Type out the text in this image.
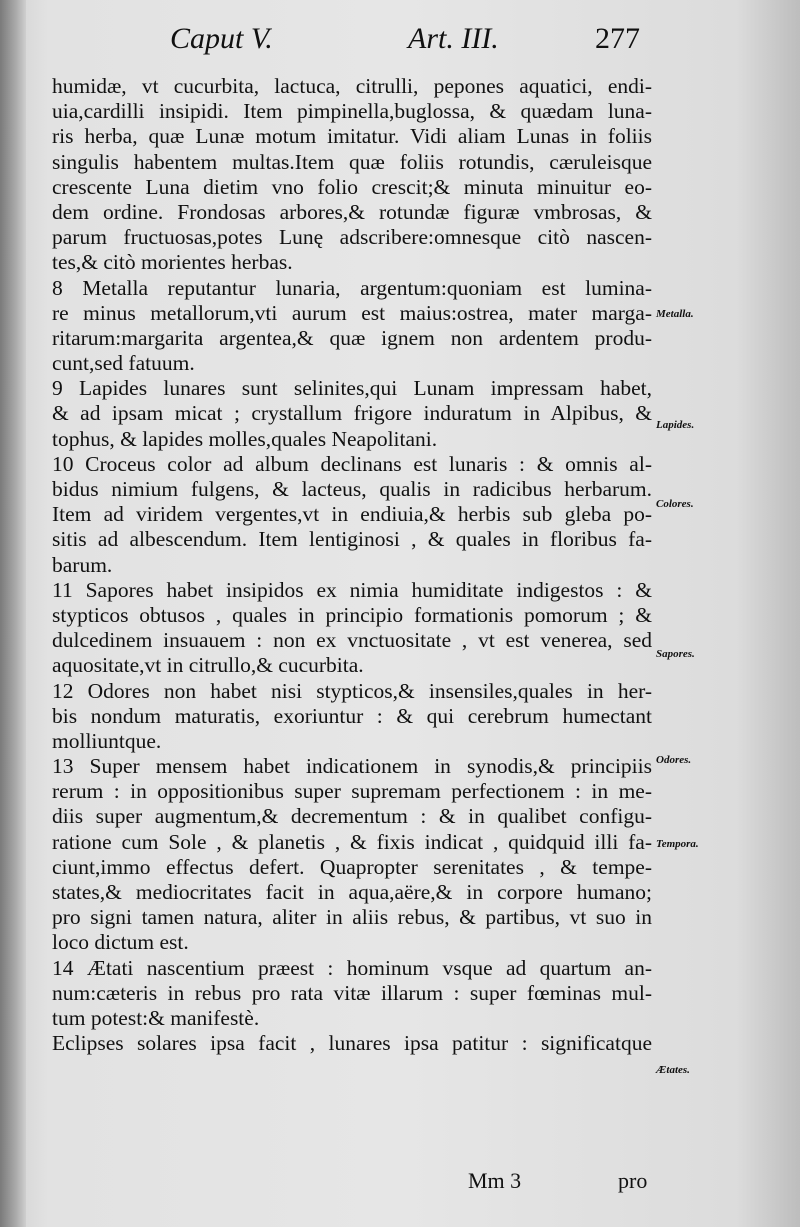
Caput V.	Art. III.	277
humidæ, vt cucurbita, lactuca, citrulli, pepones aquatici, endi-
uia,cardilli insipidi. Item pimpinella,buglossa, & quædam luna-
ris herba, quæ Lunæ motum imitatur. Vidi aliam Lunas in foliis
singulis habentem multas.Item quæ foliis rotundis, cæruleisque
crescente Luna dietim vno folio crescit;& minuta minuitur eo-
dem ordine. Frondosas arbores,& rotundæ figuræ vmbrosas, &
parum fructuosas,potes Lunę adscribere:omnesque citò nascen-
tes,& citò morientes herbas.
8 Metalla reputantur lunaria, argentum:quoniam est lumina-
re minus metallorum,vti aurum est maius:ostrea, mater marga-
ritarum:margarita argentea,& quæ ignem non ardentem produ-
cunt,sed fatuum.
9 Lapides lunares sunt selinites,qui Lunam impressam habet,
& ad ipsam micat ; crystallum frigore induratum in Alpibus, &
tophus, & lapides molles,quales Neapolitani.
10 Croceus color ad album declinans est lunaris : & omnis al-
bidus nimium fulgens, & lacteus, qualis in radicibus herbarum.
Item ad viridem vergentes,vt in endiuia,& herbis sub gleba po-
sitis ad albescendum. Item lentiginosi , & quales in floribus fa-
barum.
11 Sapores habet insipidos ex nimia humiditate indigestos : &
stypticos obtusos , quales in principio formationis pomorum ; &
dulcedinem insuauem : non ex vnctuositate , vt est venerea, sed
aquositate,vt in citrullo,& cucurbita.
12 Odores non habet nisi stypticos,& insensiles,quales in her-
bis nondum maturatis, exoriuntur : & qui cerebrum humectant
molliuntque.
13 Super mensem habet indicationem in synodis,& principiis
rerum : in oppositionibus super supremam perfectionem : in me-
diis super augmentum,& decrementum : & in qualibet configu-
ratione cum Sole , & planetis , & fixis indicat , quidquid illi fa-
ciunt,immo effectus defert. Quapropter serenitates , & tempe-
states,& mediocritates facit in aqua,aëre,& in corpore humano;
pro signi tamen natura, aliter in aliis rebus, & partibus, vt suo in
loco dictum est.
14 Ætati nascentium præest : hominum vsque ad quartum an-
num:cæteris in rebus pro rata vitæ illarum : super fœminas mul-
tum potest:& manifestè.
Eclipses solares ipsa facit , lunares ipsa patitur : significatque
Metalla.
Lapides.
Colores.
Sapores.
Odores.
Tempora.
Ætates.
Mm 3	pro
